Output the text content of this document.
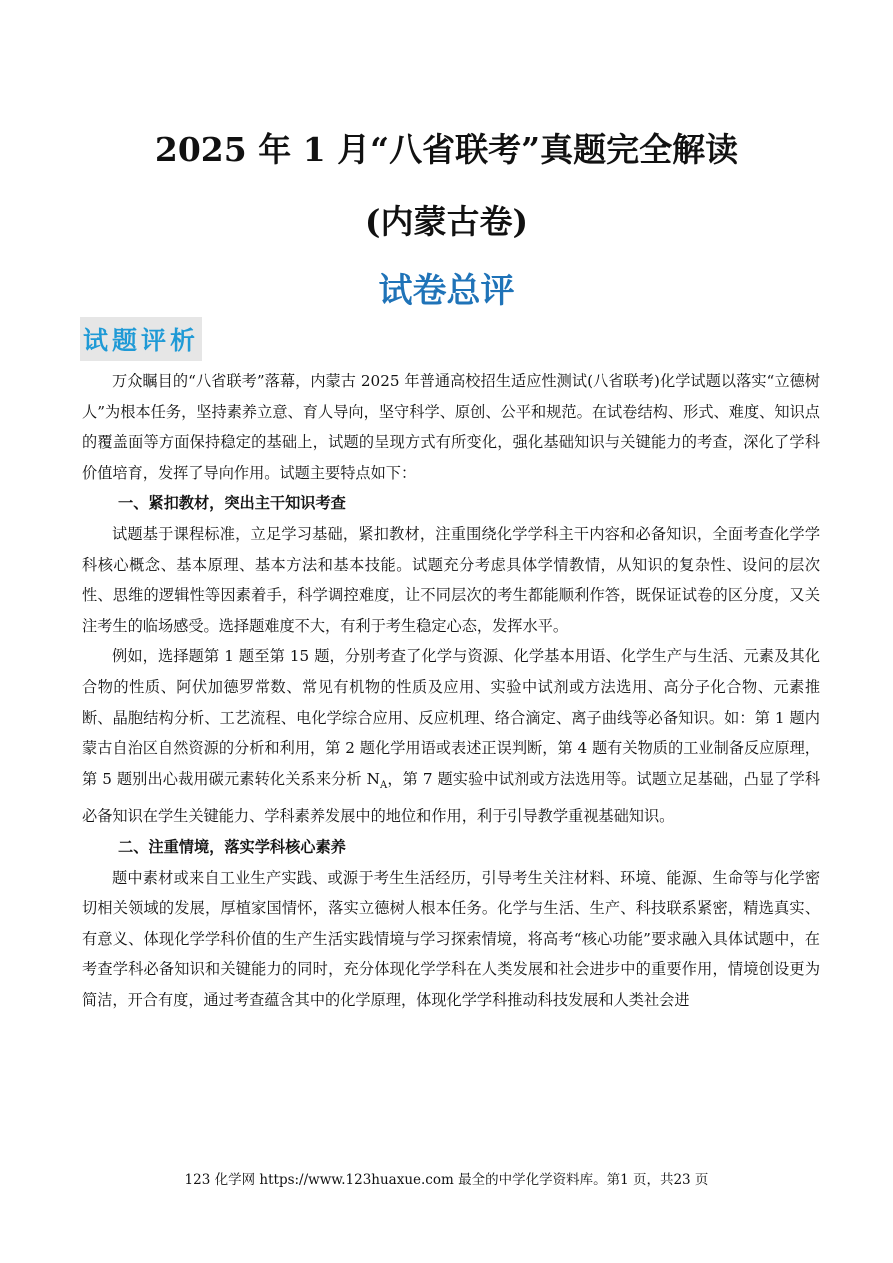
2025 年 1 月“八省联考”真题完全解读
(内蒙古卷)
试卷总评
试题评析

万众瞩目的“八省联考”落幕，内蒙古 2025 年普通高校招生适应性测试(八省联考)化学试题以落实“立德树人”为根本任务，坚持素养立意、育人导向，坚守科学、原创、公平和规范。在试卷结构、形式、难度、知识点的覆盖面等方面保持稳定的基础上，试题的呈现方式有所变化，强化基础知识与关键能力的考查，深化了学科价值培育，发挥了导向作用。试题主要特点如下：

一、紧扣教材，突出主干知识考查

试题基于课程标准，立足学习基础，紧扣教材，注重围绕化学学科主干内容和必备知识，全面考查化学学科核心概念、基本原理、基本方法和基本技能。试题充分考虑具体学情教情，从知识的复杂性、设问的层次性、思维的逻辑性等因素着手，科学调控难度，让不同层次的考生都能顺利作答，既保证试卷的区分度，又关注考生的临场感受。选择题难度不大，有利于考生稳定心态，发挥水平。

例如，选择题第 1 题至第 15 题，分别考查了化学与资源、化学基本用语、化学生产与生活、元素及其化合物的性质、阿伏加德罗常数、常见有机物的性质及应用、实验中试剂或方法选用、高分子化合物、元素推断、晶胞结构分析、工艺流程、电化学综合应用、反应机理、络合滴定、离子曲线等必备知识。如：第 1 题内蒙古自治区自然资源的分析和利用，第 2 题化学用语或表述正误判断，第 4 题有关物质的工业制备反应原理，第 5 题别出心裁用碳元素转化关系来分析 $N_A$，第 7 题实验中试剂或方法选用等。试题立足基础，凸显了学科必备知识在学生关键能力、学科素养发展中的地位和作用，利于引导教学重视基础知识。

二、注重情境，落实学科核心素养

题中素材或来自工业生产实践、或源于考生生活经历，引导考生关注材料、环境、能源、生命等与化学密切相关领域的发展，厚植家国情怀，落实立德树人根本任务。化学与生活、生产、科技联系紧密，精选真实、有意义、体现化学学科价值的生产生活实践情境与学习探索情境，将高考“核心功能”要求融入具体试题中，在考查学科必备知识和关键能力的同时，充分体现化学学科在人类发展和社会进步中的重要作用，情境创设更为简洁，开合有度，通过考查蕴含其中的化学原理，体现化学学科推动科技发展和人类社会进

123 化学网 https://www.123huaxue.com 最全的中学化学资料库。第1 页，共23 页
